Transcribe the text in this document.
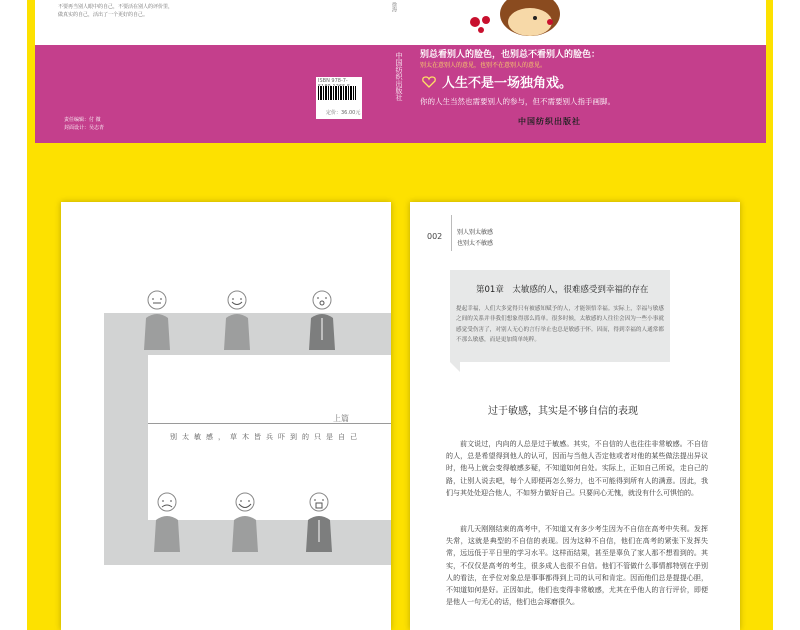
不要再当别人眼中的自己，不要活在别人的评价里，
做真实的自己，活出了一个更好的自己。
责任编辑：付 微
封面设计：吴志青
徐海
中国纺织出版社
ISBN 978-7-
定价：36.00元
别总看别人的脸色，也别总不看别人的脸色：
别太在意别人的意见，也别不在意别人的意见。
人生不是一场独角戏。
你的人生当然也需要别人的参与，但不需要别人指手画脚。
中国纺织出版社
上篇
别太敏感，草木皆兵吓到的只是自己
002 别人别太敏感
也别太不敏感
第01章　太敏感的人，很难感受到幸福的存在
提起幸福，人们大多觉得只有被感知赋予的人，才能领悟幸福。实际上，幸福与敏感之间的关系并非我们想象得那么简单。很多时候，太敏感的人往往会因为一些小事就感觉受伤害了，对别人无心的言行举止也总是敏感于怀。因而，得到幸福的人通常都不那么敏感，而是更加简单纯粹。
过于敏感，其实是不够自信的表现
前文说过，内向的人总是过于敏感。其实，不自信的人也往往非常敏感。不自信的人，总是希望得到他人的认可，因而与当他人否定他或者对他的某些做法提出异议时，他马上就会变得敏感多疑，不知道如何自处。实际上，正如自己所说，走自己的路，让别人说去吧，每个人即便再怎么努力，也不可能得到所有人的满意。因此，我们与其处处迎合他人，不如努力做好自己。只要问心无愧，就没有什么可惧怕的。
前几天刚刚结束的高考中，不知道又有多少考生因为不自信在高考中失利。发挥失常，这就是典型的不自信的表现。因为这种不自信，他们在高考的紧张下发挥失常，远远低于平日里的学习水平。这样而结果，甚至是辜负了家人那不想看到的。其实，不仅仅是高考的考生，很多成人也很不自信。他们不管做什么事情都特别在乎别人的看法，在乎位对象总是事事都得到上司的认可和肯定。因而他们总是提提心胆，不知道如何是好。正因如此，他们也变得非常敏感，尤其在乎他人的言行评价，即便是他人一句无心的话，他们也会琢磨很久。
